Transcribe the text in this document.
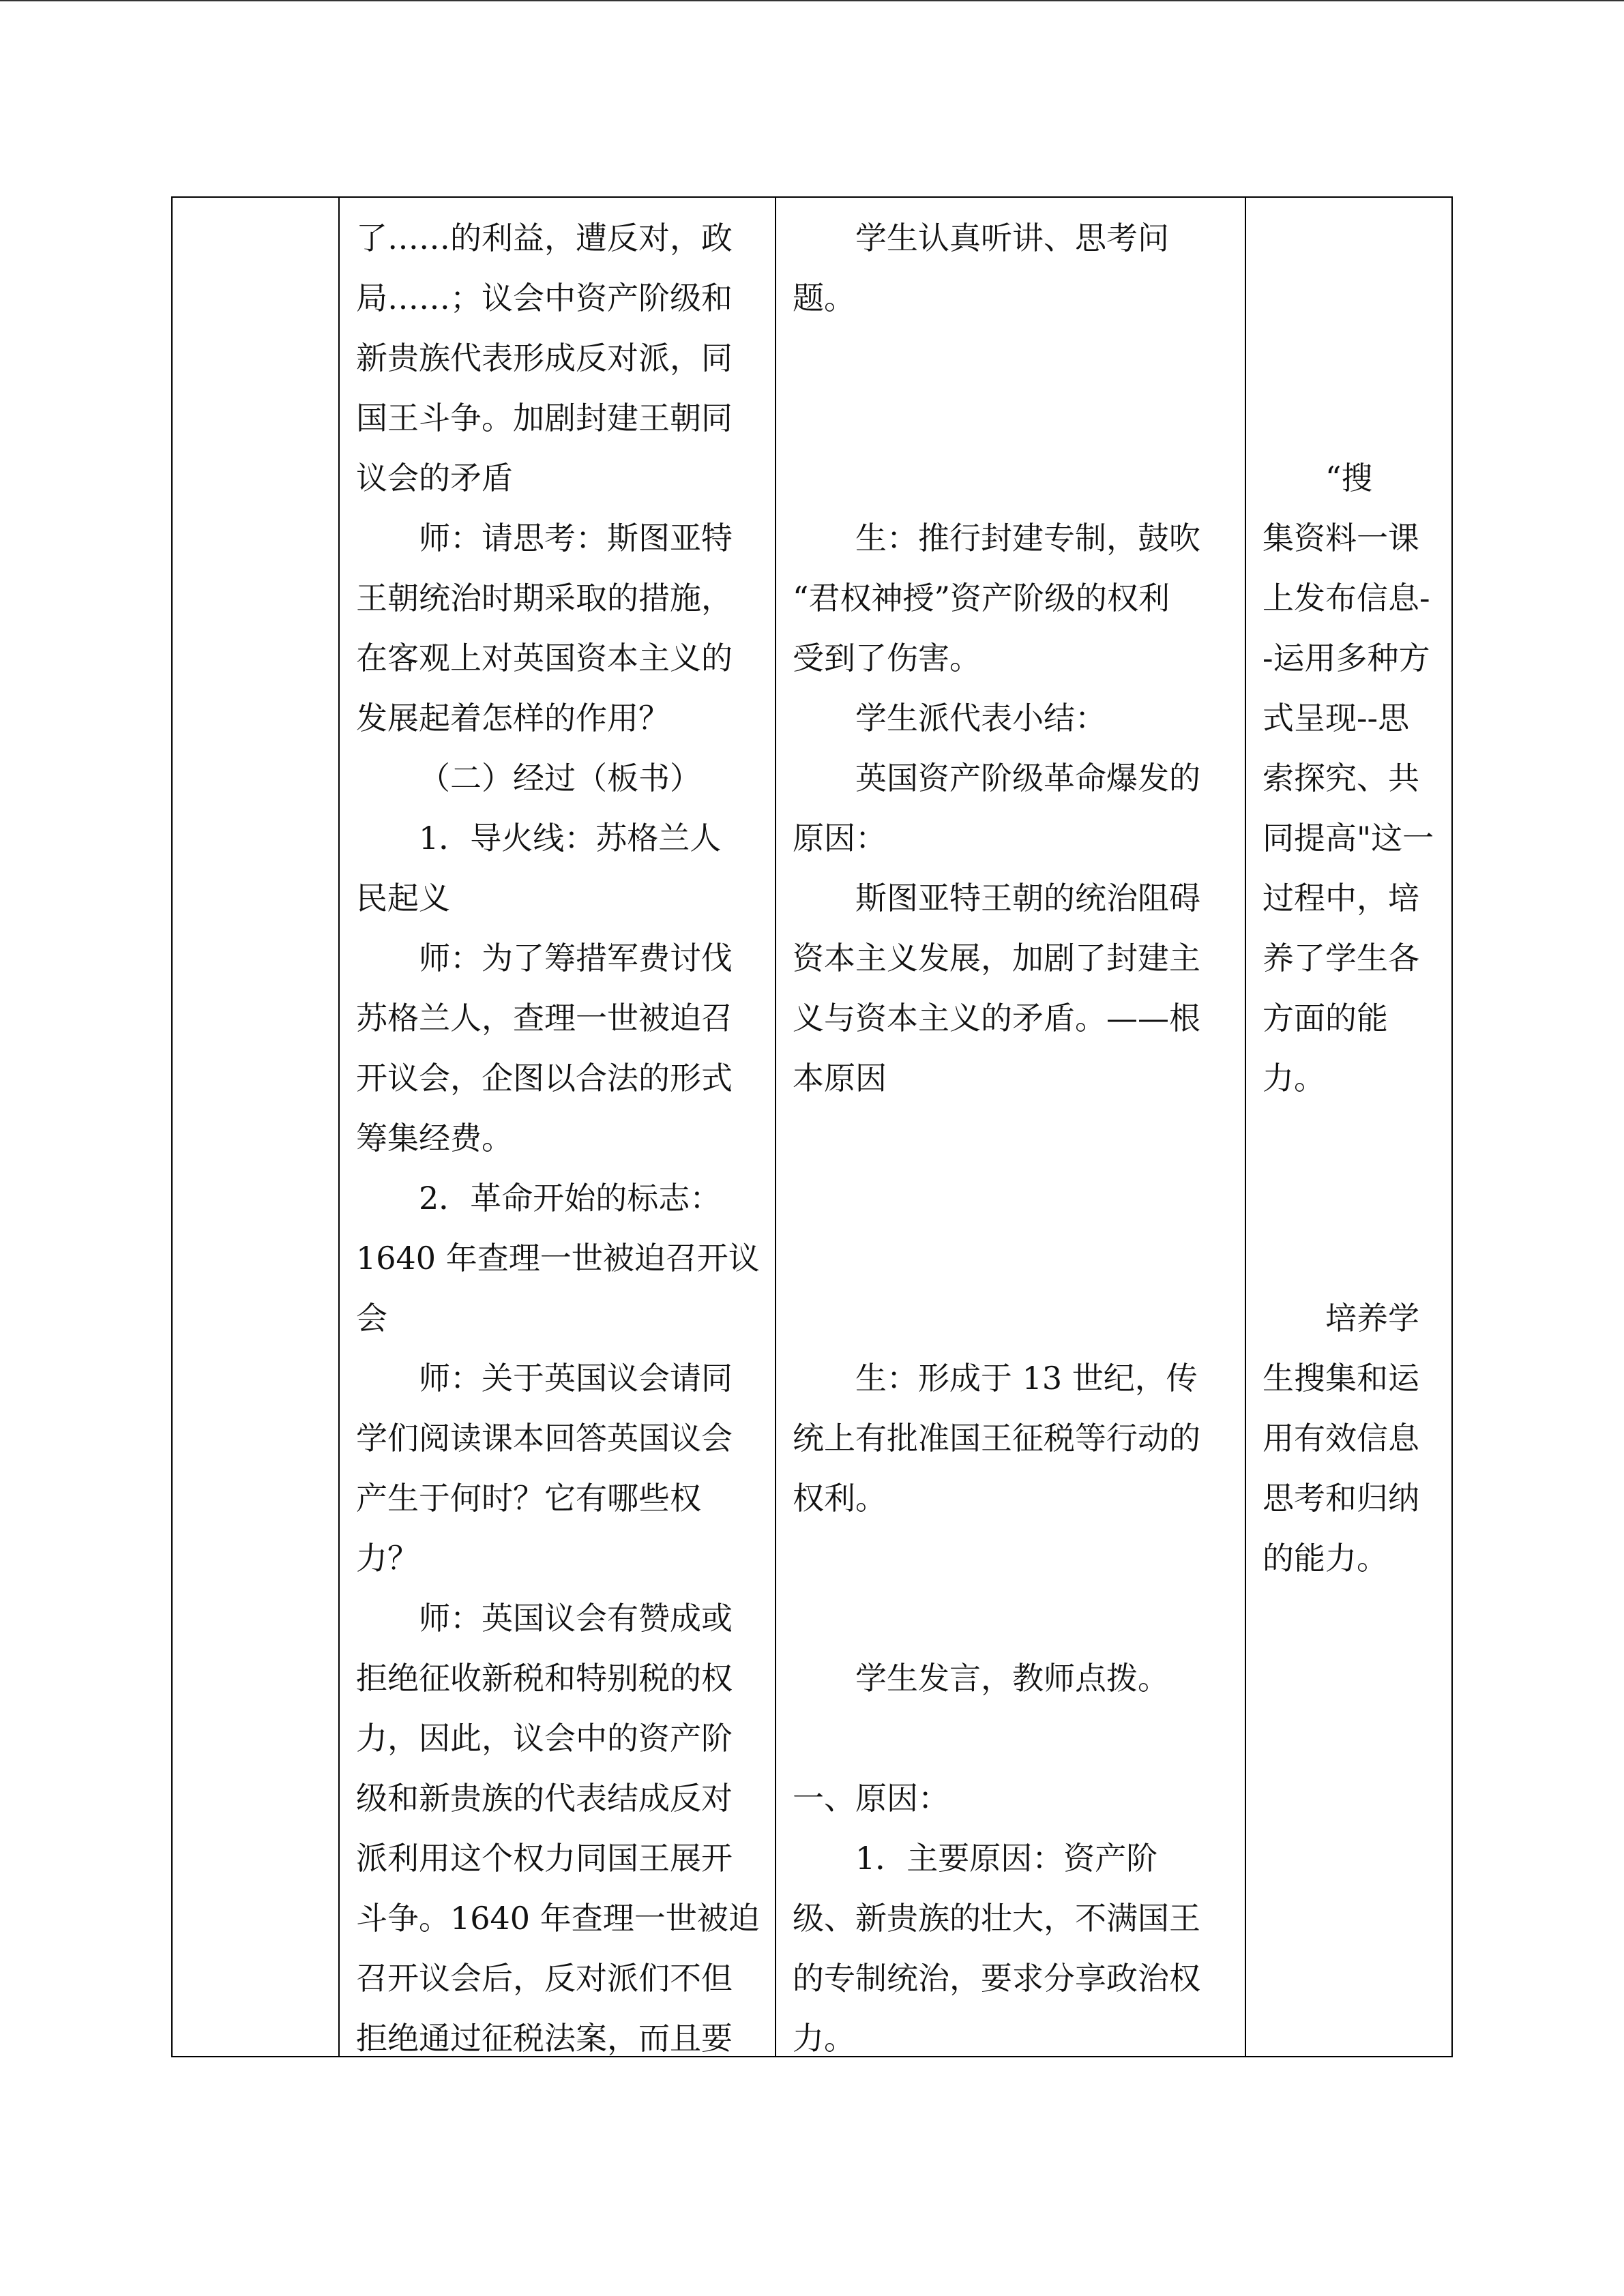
了……的利益，遭反对，政
局……；议会中资产阶级和
新贵族代表形成反对派，同
国王斗争。加剧封建王朝同
议会的矛盾
师：请思考：斯图亚特
王朝统治时期采取的措施，
在客观上对英国资本主义的
发展起着怎样的作用？
（二）经过（板书）
1．导火线：苏格兰人
民起义
师：为了筹措军费讨伐
苏格兰人，查理一世被迫召
开议会，企图以合法的形式
筹集经费。
2．革命开始的标志：
1640 年查理一世被迫召开议
会
师：关于英国议会请同
学们阅读课本回答英国议会
产生于何时？它有哪些权
力？
师：英国议会有赞成或
拒绝征收新税和特别税的权
力，因此，议会中的资产阶
级和新贵族的代表结成反对
派利用这个权力同国王展开
斗争。1640 年查理一世被迫
召开议会后，反对派们不但
拒绝通过征税法案，而且要
学生认真听讲、思考问
题。
生：推行封建专制，鼓吹
“君权神授”资产阶级的权利
受到了伤害。
学生派代表小结：
英国资产阶级革命爆发的
原因：
斯图亚特王朝的统治阻碍
资本主义发展，加剧了封建主
义与资本主义的矛盾。——根
本原因
生：形成于 13 世纪，传
统上有批准国王征税等行动的
权利。
学生发言，教师点拨。
一、原因：
1．主要原因：资产阶
级、新贵族的壮大，不满国王
的专制统治，要求分享政治权
力。
“搜
集资料一课
上发布信息-
-运用多种方
式呈现--思
索探究、共
同提高"这一
过程中，培
养了学生各
方面的能
力。
培养学
生搜集和运
用有效信息
思考和归纳
的能力。
